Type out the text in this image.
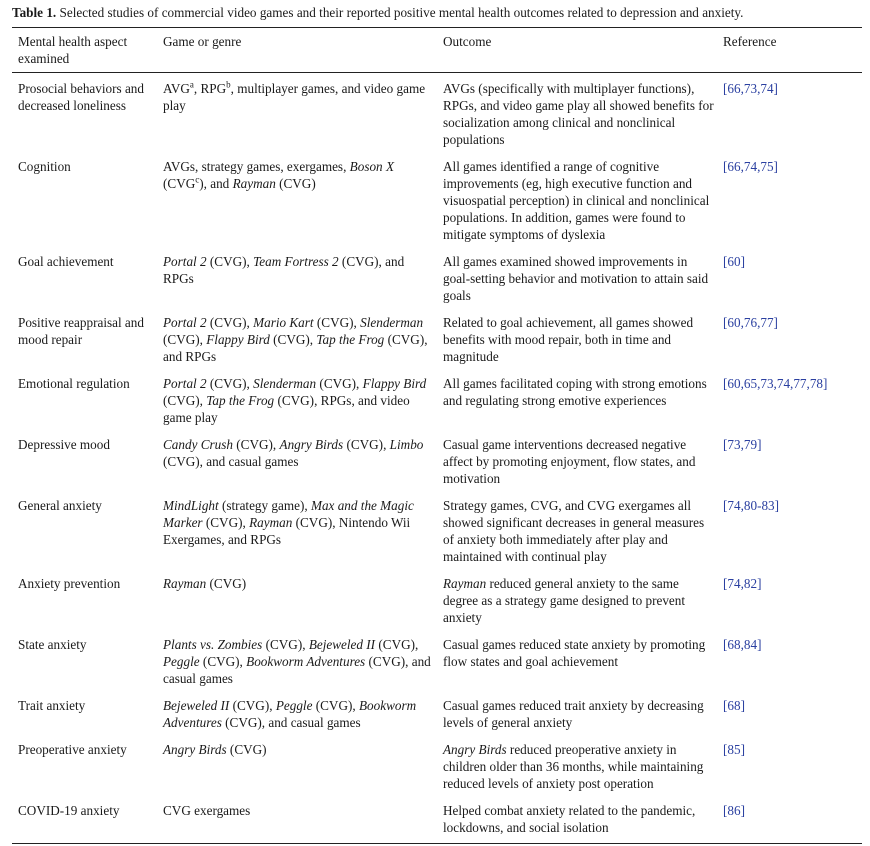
Table 1. Selected studies of commercial video games and their reported positive mental health outcomes related to depression and anxiety.
Mental health aspect examined	Game or genre	Outcome	Reference
Prosocial behaviors and decreased loneliness	AVG$^a$, RPG$^b$, multiplayer games, and video game play	AVGs (specifically with multiplayer functions), RPGs, and video game play all showed benefits for socialization among clinical and nonclinical populations	[66,73,74]
Cognition	AVGs, strategy games, exergames, Boson X (CVG$^c$), and Rayman (CVG)	All games identified a range of cognitive improvements (eg, high executive function and visuospatial perception) in clinical and nonclinical populations. In addition, games were found to mitigate symptoms of dyslexia	[66,74,75]
Goal achievement	Portal 2 (CVG), Team Fortress 2 (CVG), and RPGs	All games examined showed improvements in goal-setting behavior and motivation to attain said goals	[60]
Positive reappraisal and mood repair	Portal 2 (CVG), Mario Kart (CVG), Slenderman (CVG), Flappy Bird (CVG), Tap the Frog (CVG), and RPGs	Related to goal achievement, all games showed benefits with mood repair, both in time and magnitude	[60,76,77]
Emotional regulation	Portal 2 (CVG), Slenderman (CVG), Flappy Bird (CVG), Tap the Frog (CVG), RPGs, and video game play	All games facilitated coping with strong emotions and regulating strong emotive experiences	[60,65,73,74,77,78]
Depressive mood	Candy Crush (CVG), Angry Birds (CVG), Limbo (CVG), and casual games	Casual game interventions decreased negative affect by promoting enjoyment, flow states, and motivation	[73,79]
General anxiety	MindLight (strategy game), Max and the Magic Marker (CVG), Rayman (CVG), Nintendo Wii Exergames, and RPGs	Strategy games, CVG, and CVG exergames all showed significant decreases in general measures of anxiety both immediately after play and maintained with continual play	[74,80-83]
Anxiety prevention	Rayman (CVG)	Rayman reduced general anxiety to the same degree as a strategy game designed to prevent anxiety	[74,82]
State anxiety	Plants vs. Zombies (CVG), Bejeweled II (CVG), Peggle (CVG), Bookworm Adventures (CVG), and casual games	Casual games reduced state anxiety by promoting flow states and goal achievement	[68,84]
Trait anxiety	Bejeweled II (CVG), Peggle (CVG), Bookworm Adventures (CVG), and casual games	Casual games reduced trait anxiety by decreasing levels of general anxiety	[68]
Preoperative anxiety	Angry Birds (CVG)	Angry Birds reduced preoperative anxiety in children older than 36 months, while maintaining reduced levels of anxiety post operation	[85]
COVID-19 anxiety	CVG exergames	Helped combat anxiety related to the pandemic, lockdowns, and social isolation	[86]
